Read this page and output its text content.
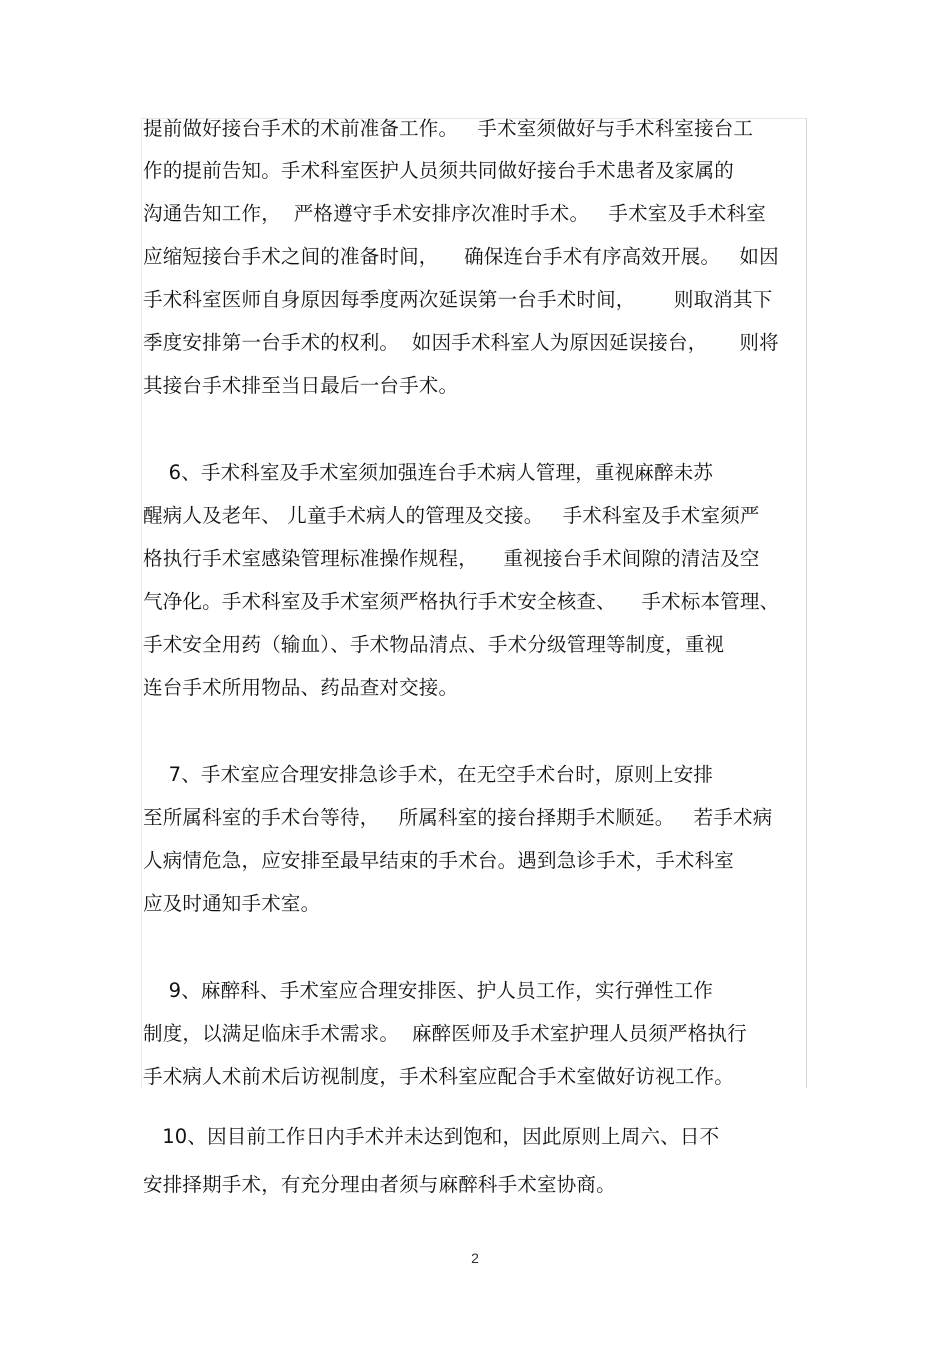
提前做好接台手术的术前准备工作。   手术室须做好与手术科室接台工
作的提前告知。手术科室医护人员须共同做好接台手术患者及家属的
沟通告知工作，  严格遵守手术安排序次准时手术。   手术室及手术科室
应缩短接台手术之间的准备时间，    确保连台手术有序高效开展。   如因
手术科室医师自身原因每季度两次延误第一台手术时间，      则取消其下
季度安排第一台手术的权利。  如因手术科室人为原因延误接台，     则将
其接台手术排至当日最后一台手术。
6、手术科室及手术室须加强连台手术病人管理，重视麻醉未苏
醒病人及老年、 儿童手术病人的管理及交接。   手术科室及手术室须严
格执行手术室感染管理标准操作规程，    重视接台手术间隙的清洁及空
气净化。手术科室及手术室须严格执行手术安全核查、    手术标本管理、
手术安全用药（输血）、手术物品清点、手术分级管理等制度，重视
连台手术所用物品、药品查对交接。
7、手术室应合理安排急诊手术，在无空手术台时，原则上安排
至所属科室的手术台等待，   所属科室的接台择期手术顺延。   若手术病
人病情危急，应安排至最早结束的手术台。遇到急诊手术，手术科室
应及时通知手术室。
9、麻醉科、手术室应合理安排医、护人员工作，实行弹性工作
制度，以满足临床手术需求。  麻醉医师及手术室护理人员须严格执行
手术病人术前术后访视制度，手术科室应配合手术室做好访视工作。
10、因目前工作日内手术并未达到饱和，因此原则上周六、日不
安排择期手术，有充分理由者须与麻醉科手术室协商。
2
